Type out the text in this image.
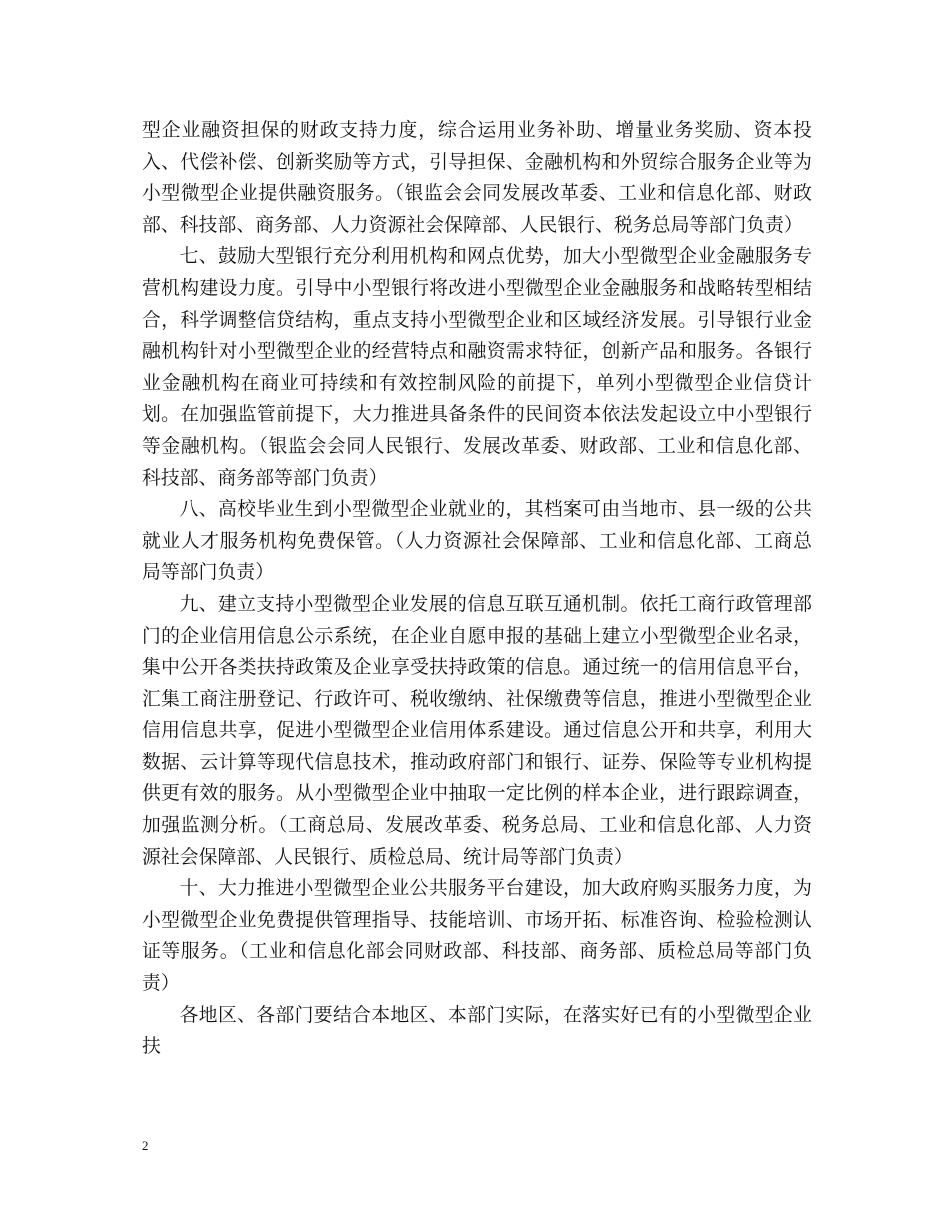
型企业融资担保的财政支持力度，综合运用业务补助、增量业务奖励、资本投入、代偿补偿、创新奖励等方式，引导担保、金融机构和外贸综合服务企业等为小型微型企业提供融资服务。（银监会会同发展改革委、工业和信息化部、财政部、科技部、商务部、人力资源社会保障部、人民银行、税务总局等部门负责）

七、鼓励大型银行充分利用机构和网点优势，加大小型微型企业金融服务专营机构建设力度。引导中小型银行将改进小型微型企业金融服务和战略转型相结合，科学调整信贷结构，重点支持小型微型企业和区域经济发展。引导银行业金融机构针对小型微型企业的经营特点和融资需求特征，创新产品和服务。各银行业金融机构在商业可持续和有效控制风险的前提下，单列小型微型企业信贷计划。在加强监管前提下，大力推进具备条件的民间资本依法发起设立中小型银行等金融机构。（银监会会同人民银行、发展改革委、财政部、工业和信息化部、科技部、商务部等部门负责）

八、高校毕业生到小型微型企业就业的，其档案可由当地市、县一级的公共就业人才服务机构免费保管。（人力资源社会保障部、工业和信息化部、工商总局等部门负责）

九、建立支持小型微型企业发展的信息互联互通机制。依托工商行政管理部门的企业信用信息公示系统，在企业自愿申报的基础上建立小型微型企业名录，集中公开各类扶持政策及企业享受扶持政策的信息。通过统一的信用信息平台，汇集工商注册登记、行政许可、税收缴纳、社保缴费等信息，推进小型微型企业信用信息共享，促进小型微型企业信用体系建设。通过信息公开和共享，利用大数据、云计算等现代信息技术，推动政府部门和银行、证券、保险等专业机构提供更有效的服务。从小型微型企业中抽取一定比例的样本企业，进行跟踪调查，加强监测分析。（工商总局、发展改革委、税务总局、工业和信息化部、人力资源社会保障部、人民银行、质检总局、统计局等部门负责）

十、大力推进小型微型企业公共服务平台建设，加大政府购买服务力度，为小型微型企业免费提供管理指导、技能培训、市场开拓、标准咨询、检验检测认证等服务。（工业和信息化部会同财政部、科技部、商务部、质检总局等部门负责）

各地区、各部门要结合本地区、本部门实际，在落实好已有的小型微型企业扶

2
